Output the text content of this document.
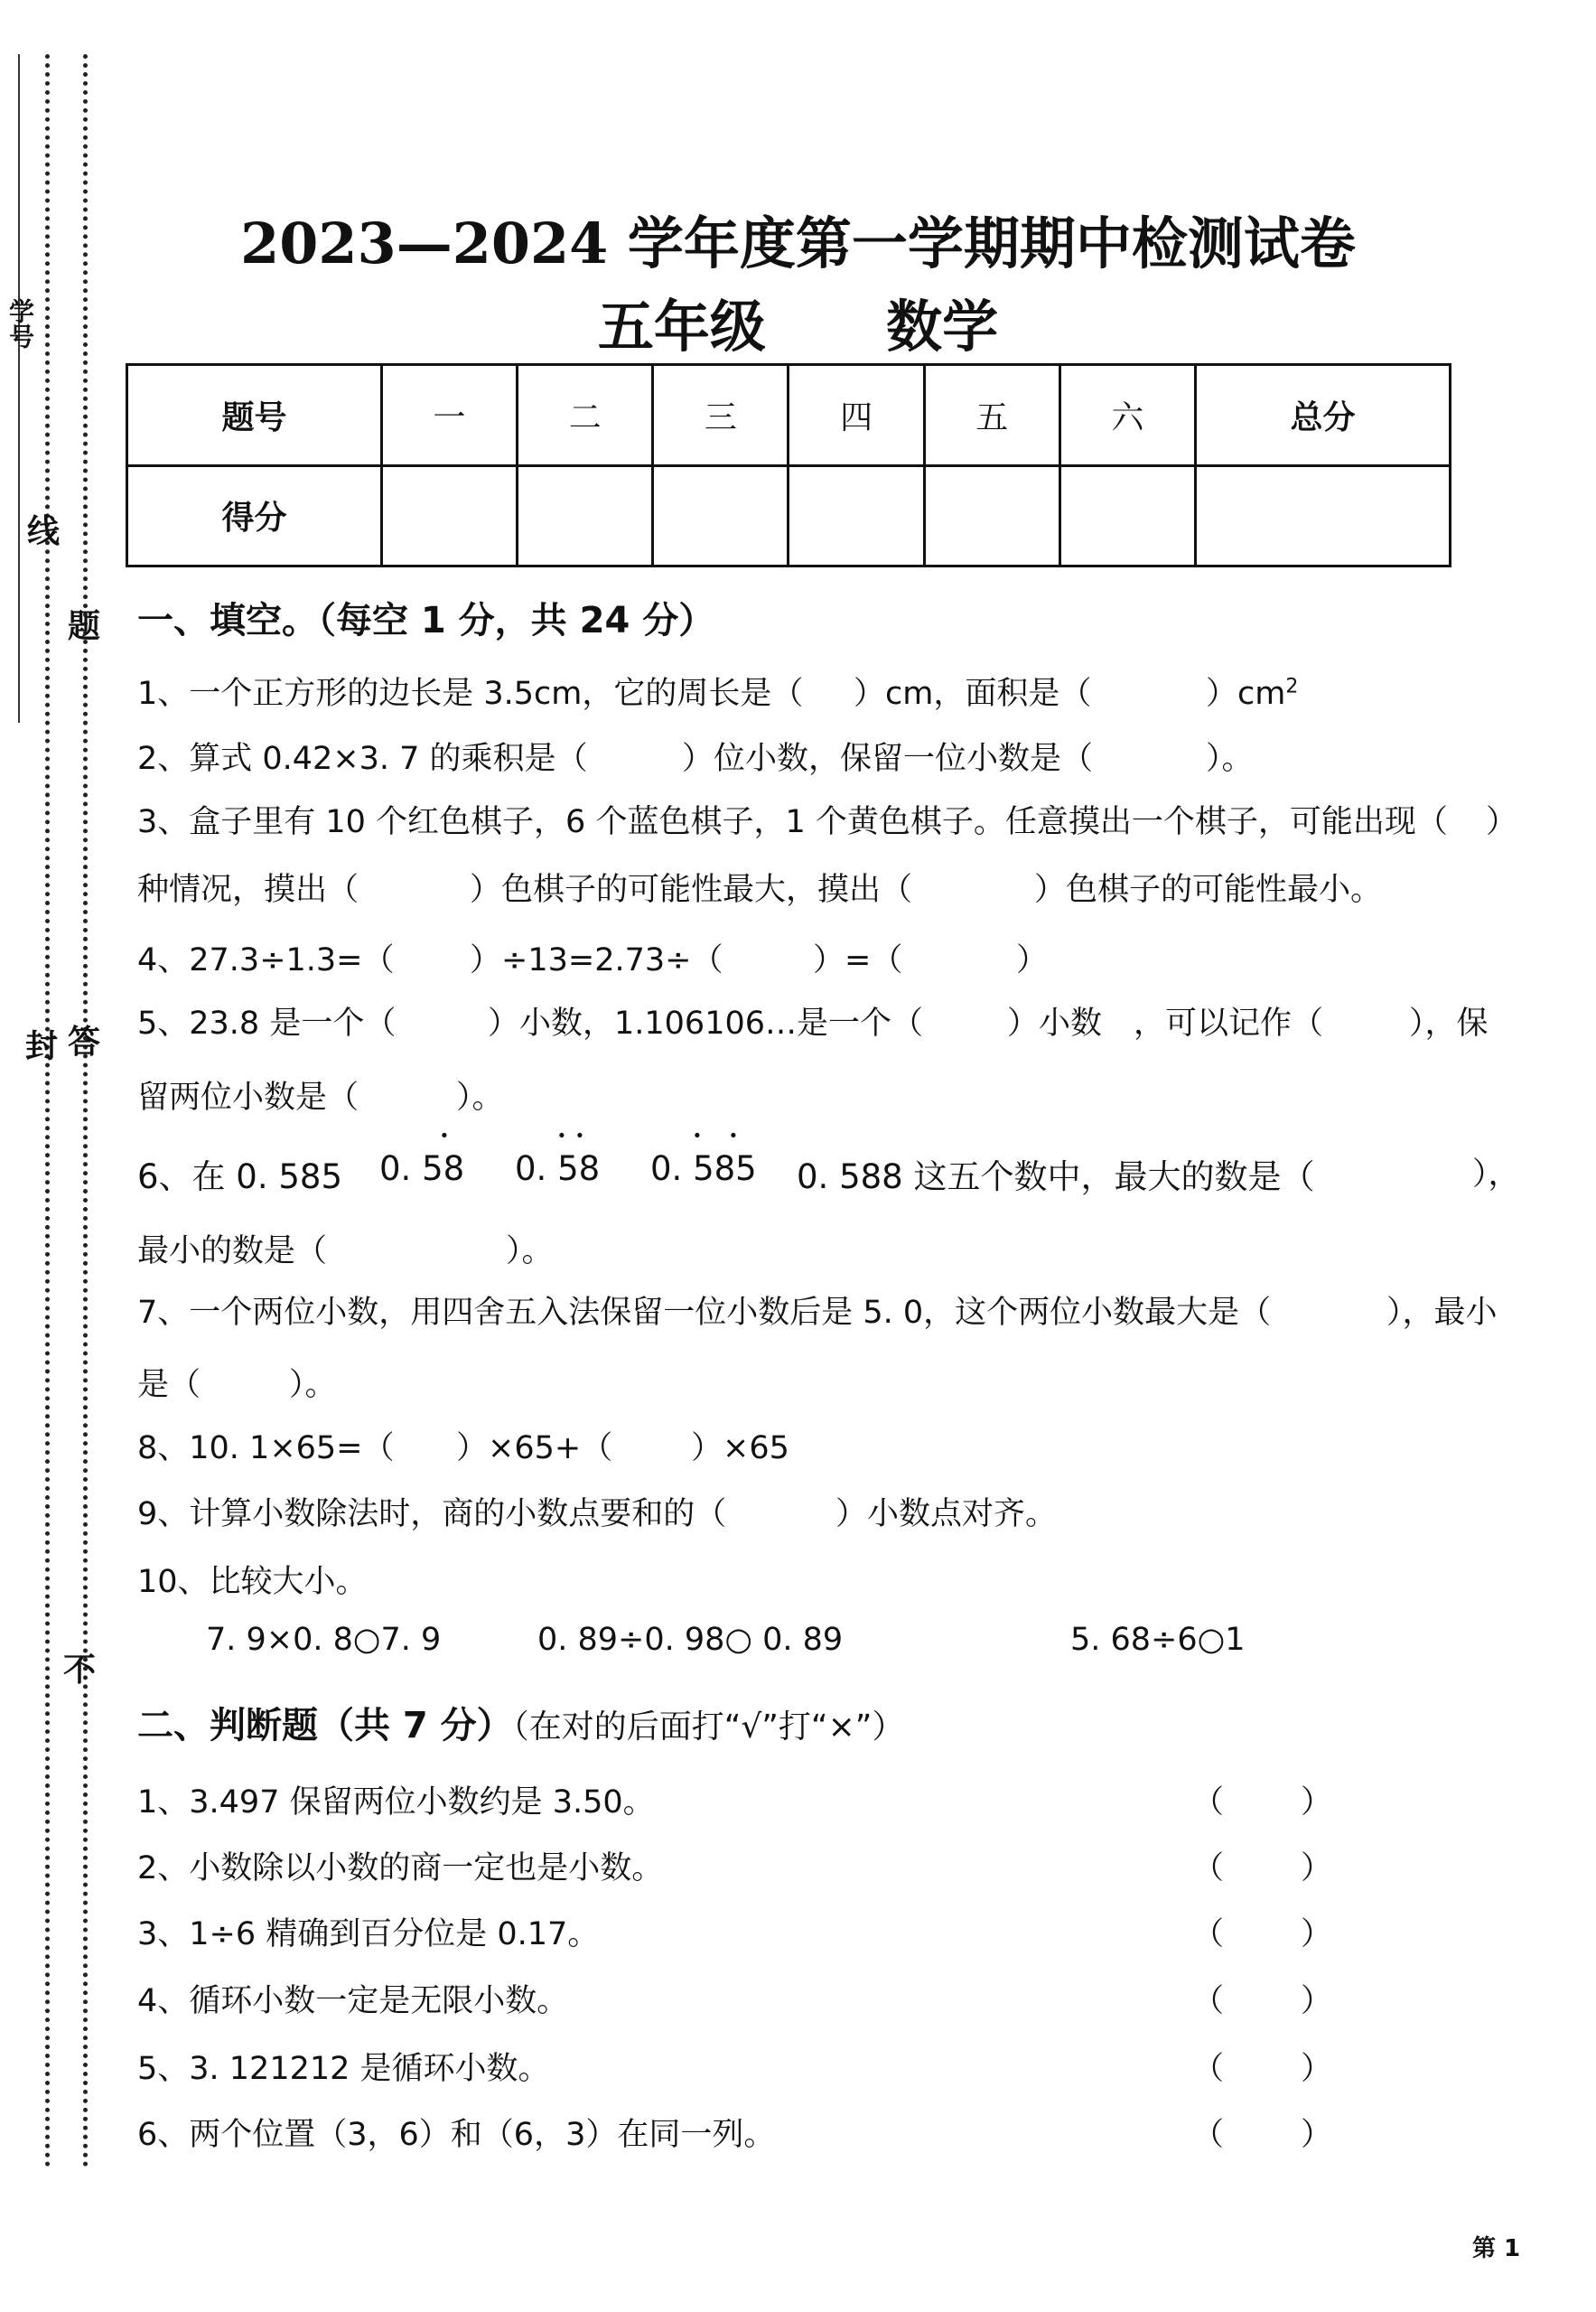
学号
线
题
封 答
不
2023—2024 学年度第一学期期中检测试卷
五年级 数学
题号	一	二	三	四	五	六	总分
得分							
一、填空。（每空 1 分，共 24 分）
1、一个正方形的边长是 3.5cm，它的周长是（ ）cm，面积是（	）$cm^2$
2、算式 0.42×3. 7 的乘积是（	）位小数，保留一位小数是（	）。
3、盒子里有 10 个红色棋子，6 个蓝色棋子，1 个黄色棋子。任意摸出一个棋子，可能出现（ ）
种情况，摸出（	）色棋子的可能性最大，摸出（	）色棋子的可能性最小。
4、27.3÷1.3=（ ）÷13=2.73÷（	）=（	）
5、23.8 是一个（	）小数，1.106106…是一个（	）小数 ，可以记作（	），保
留两位小数是（	）。
6、在 0. 585 0. 58
·
0. 58
· ·
0. 585
· ·
0. 588 这五个数中，最大的数是（	），
最小的数是（	）。
7、一个两位小数，用四舍五入法保留一位小数后是 5. 0，这个两位小数最大是（	），最小
是（	）。
8、10. 1×65=（ ）×65+（ ）×65
9、计算小数除法时，商的小数点要和的（	）小数点对齐。
10、比较大小。
7. 9×0. 8○7. 9	0. 89÷0. 98○ 0. 89	5. 68÷6○1
二、判断题（共 7 分）（在对的后面打“√”打“×”）
1、3.497 保留两位小数约是 3.50。	（ ）
2、小数除以小数的商一定也是小数。	（ ）
3、1÷6 精确到百分位是 0.17。	（ ）
4、循环小数一定是无限小数。	（ ）
5、3. 121212 是循环小数。	（ ）
6、两个位置（3，6）和（6，3）在同一列。	（ ）
第 1
